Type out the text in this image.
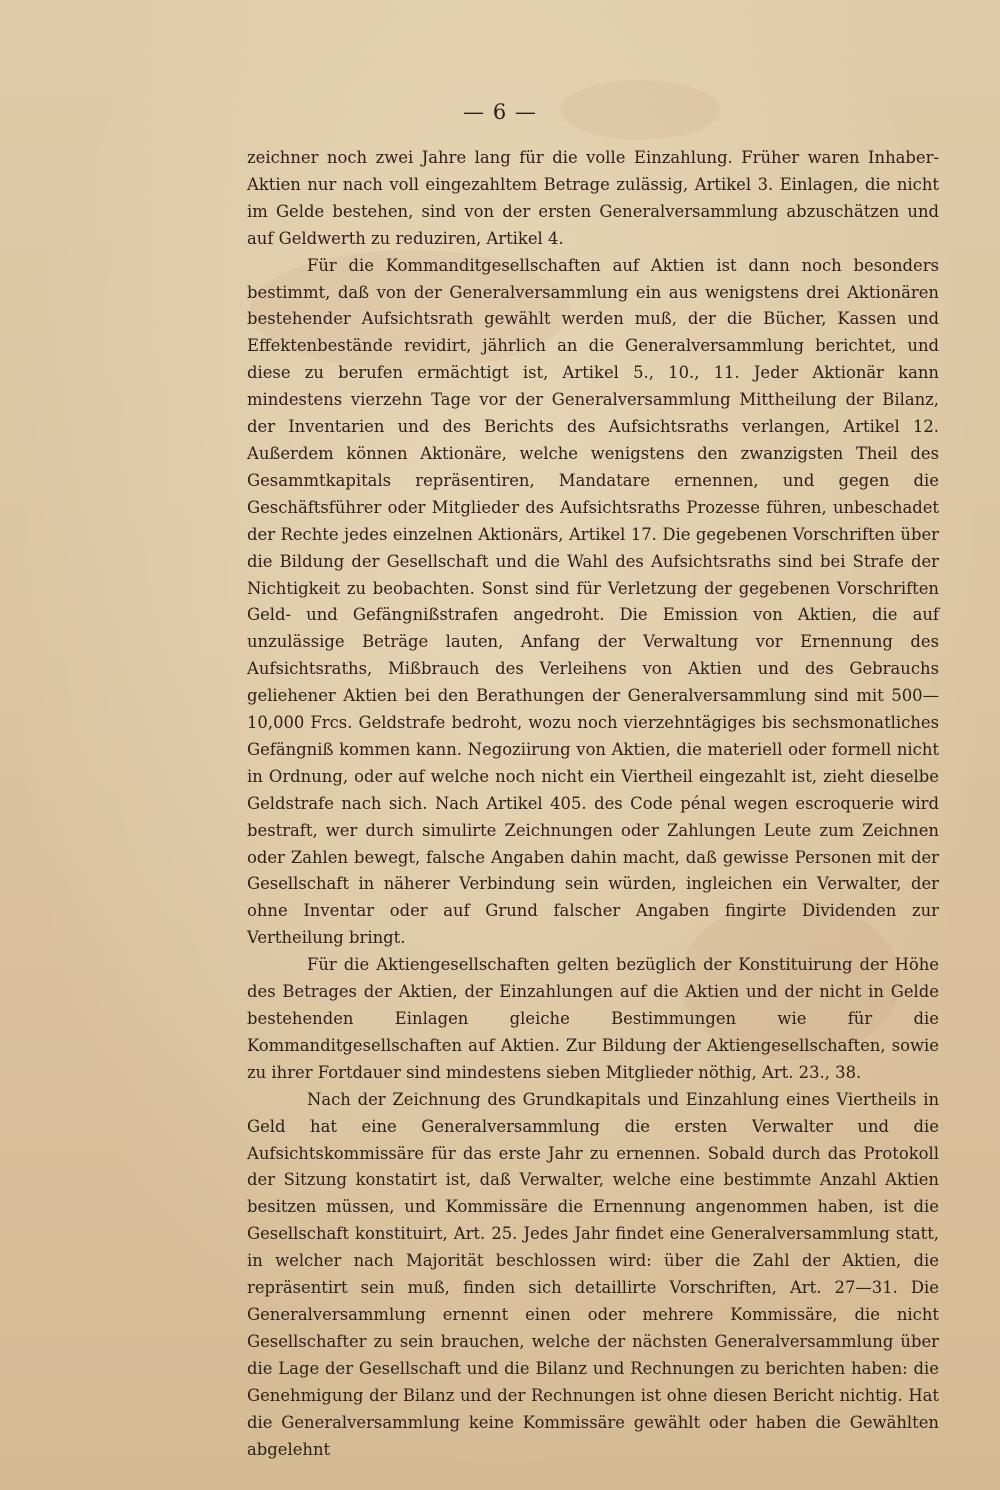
— 6 —

zeichner noch zwei Jahre lang für die volle Einzahlung. Früher waren Inhaber-Aktien nur nach voll eingezahltem Betrage zulässig, Artikel 3. Einlagen, die nicht im Gelde bestehen, sind von der ersten Generalversammlung abzuschätzen und auf Geldwerth zu reduziren, Artikel 4.

Für die Kommanditgesellschaften auf Aktien ist dann noch besonders bestimmt, daß von der Generalversammlung ein aus wenigstens drei Aktionären bestehender Aufsichtsrath gewählt werden muß, der die Bücher, Kassen und Effektenbestände revidirt, jährlich an die Generalversammlung berichtet, und diese zu berufen ermächtigt ist, Artikel 5., 10., 11. Jeder Aktionär kann mindestens vierzehn Tage vor der Generalversammlung Mittheilung der Bilanz, der Inventarien und des Berichts des Aufsichtsraths verlangen, Artikel 12. Außerdem können Aktionäre, welche wenigstens den zwanzigsten Theil des Gesammtkapitals repräsentiren, Mandatare ernennen, und gegen die Geschäftsführer oder Mitglieder des Aufsichtsraths Prozesse führen, unbeschadet der Rechte jedes einzelnen Aktionärs, Artikel 17. Die gegebenen Vorschriften über die Bildung der Gesellschaft und die Wahl des Aufsichtsraths sind bei Strafe der Nichtigkeit zu beobachten. Sonst sind für Verletzung der gegebenen Vorschriften Geld- und Gefängnißstrafen angedroht. Die Emission von Aktien, die auf unzulässige Beträge lauten, Anfang der Verwaltung vor Ernennung des Aufsichtsraths, Mißbrauch des Verleihens von Aktien und des Gebrauchs geliehener Aktien bei den Berathungen der Generalversammlung sind mit 500—10,000 Frcs. Geldstrafe bedroht, wozu noch vierzehntägiges bis sechsmonatliches Gefängniß kommen kann. Negoziirung von Aktien, die materiell oder formell nicht in Ordnung, oder auf welche noch nicht ein Viertheil eingezahlt ist, zieht dieselbe Geldstrafe nach sich. Nach Artikel 405. des Code pénal wegen escroquerie wird bestraft, wer durch simulirte Zeichnungen oder Zahlungen Leute zum Zeichnen oder Zahlen bewegt, falsche Angaben dahin macht, daß gewisse Personen mit der Gesellschaft in näherer Verbindung sein würden, ingleichen ein Verwalter, der ohne Inventar oder auf Grund falscher Angaben fingirte Dividenden zur Vertheilung bringt.

Für die Aktiengesellschaften gelten bezüglich der Konstituirung der Höhe des Betrages der Aktien, der Einzahlungen auf die Aktien und der nicht in Gelde bestehenden Einlagen gleiche Bestimmungen wie für die Kommanditgesellschaften auf Aktien. Zur Bildung der Aktiengesellschaften, sowie zu ihrer Fortdauer sind mindestens sieben Mitglieder nöthig, Art. 23., 38.

Nach der Zeichnung des Grundkapitals und Einzahlung eines Viertheils in Geld hat eine Generalversammlung die ersten Verwalter und die Aufsichtskommissäre für das erste Jahr zu ernennen. Sobald durch das Protokoll der Sitzung konstatirt ist, daß Verwalter, welche eine bestimmte Anzahl Aktien besitzen müssen, und Kommissäre die Ernennung angenommen haben, ist die Gesellschaft konstituirt, Art. 25. Jedes Jahr findet eine Generalversammlung statt, in welcher nach Majorität beschlossen wird: über die Zahl der Aktien, die repräsentirt sein muß, finden sich detaillirte Vorschriften, Art. 27—31. Die Generalversammlung ernennt einen oder mehrere Kommissäre, die nicht Gesellschafter zu sein brauchen, welche der nächsten Generalversammlung über die Lage der Gesellschaft und die Bilanz und Rechnungen zu berichten haben: die Genehmigung der Bilanz und der Rechnungen ist ohne diesen Bericht nichtig. Hat die Generalversammlung keine Kommissäre gewählt oder haben die Gewählten abgelehnt
